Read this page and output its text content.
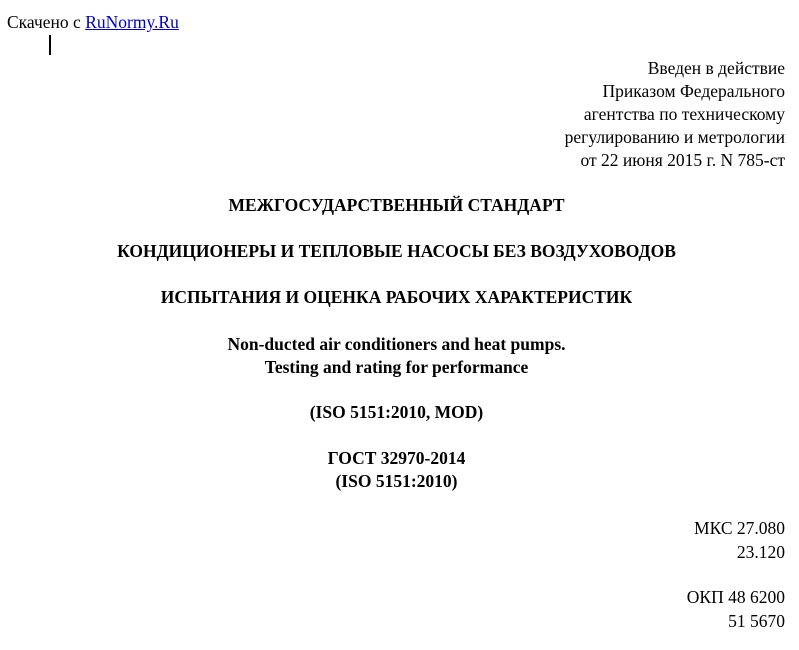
Скачено с RuNormy.Ru
Введен в действие
Приказом Федерального
агентства по техническому
регулированию и метрологии
от 22 июня 2015 г. N 785-ст
МЕЖГОСУДАРСТВЕННЫЙ СТАНДАРТ
КОНДИЦИОНЕРЫ И ТЕПЛОВЫЕ НАСОСЫ БЕЗ ВОЗДУХОВОДОВ
ИСПЫТАНИЯ И ОЦЕНКА РАБОЧИХ ХАРАКТЕРИСТИК
Non-ducted air conditioners and heat pumps.
Testing and rating for performance
(ISO 5151:2010, MOD)
ГОСТ 32970-2014
(ISO 5151:2010)
МКС 27.080
23.120
ОКП 48 6200
51 5670
